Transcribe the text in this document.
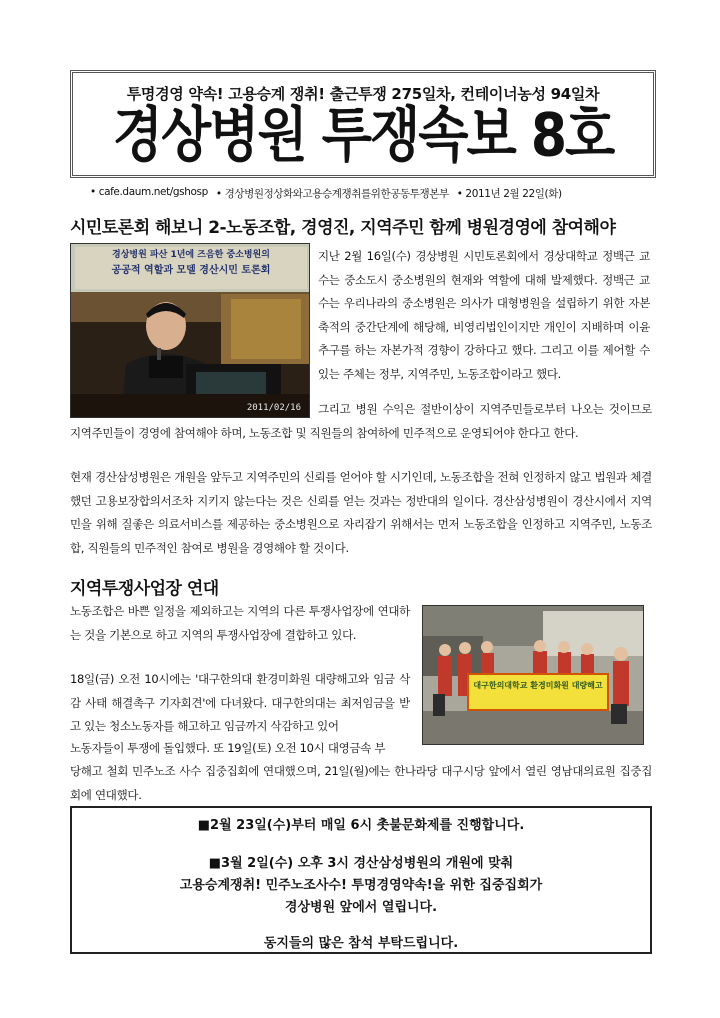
투명경영 약속! 고용승계 쟁취! 출근투쟁 275일차, 컨테이너농성 94일차
경상병원 투쟁속보 8호
• cafe.daum.net/gshosp • 경상병원정상화와고용승계쟁취를위한공동투쟁본부 • 2011년 2월 22일(화)
시민토론회 해보니 2-노동조합, 경영진, 지역주민 함께 병원경영에 참여해야
경상병원 파산 1년에 즈음한 중소병원의
공공적 역할과 모델 경산시민 토론회
2011/02/16
지난 2월 16일(수) 경상병원 시민토론회에서 경상대학교 정백근 교수는 중소도시 중소병원의 현재와 역할에 대해 발제했다. 정백근 교수는 우리나라의 중소병원은 의사가 대형병원을 설립하기 위한 자본 축적의 중간단계에 해당해, 비영리법인이지만 개인이 지배하며 이윤추구를 하는 자본가적 경향이 강하다고 했다. 그리고 이를 제어할 수 있는 주체는 정부, 지역주민, 노동조합이라고 했다.
그리고 병원 수익은 절반이상이 지역주민들로부터 나오는 것이므로 지역주민들이 경영에 참여해야 하며, 노동조합 및 직원들의 참여하에 민주적으로 운영되어야 한다고 한다.
현재 경산삼성병원은 개원을 앞두고 지역주민의 신뢰를 얻어야 할 시기인데, 노동조합을 전혀 인정하지 않고 법원과 체결했던 고용보장합의서조차 지키지 않는다는 것은 신뢰를 얻는 것과는 정반대의 일이다. 경산삼성병원이 경산시에서 지역민을 위해 질좋은 의료서비스를 제공하는 중소병원으로 자리잡기 위해서는 먼저 노동조합을 인정하고 지역주민, 노동조합, 직원들의 민주적인 참여로 병원을 경영해야 할 것이다.
지역투쟁사업장 연대
노동조합은 바쁜 일정을 제외하고는 지역의 다른 투쟁사업장에 연대하는 것을 기본으로 하고 지역의 투쟁사업장에 결합하고 있다.
18일(금) 오전 10시에는 '대구한의대 환경미화원 대량해고와 임금 삭감 사태 해결촉구 기자회견'에 다녀왔다. 대구한의대는 최저임금을 받고 있는 청소노동자를 해고하고 임금까지 삭감하고 있어
노동자들이 투쟁에 돌입했다. 또 19일(토) 오전 10시 대영금속 부
대구한의대학교 환경미화원 대량해고
당해고 철회 민주노조 사수 집중집회에 연대했으며, 21일(월)에는 한나라당 대구시당 앞에서 열린 영남대의료원 집중집회에 연대했다.
■2월 23일(수)부터 매일 6시 촛불문화제를 진행합니다.
■3월 2일(수) 오후 3시 경산삼성병원의 개원에 맞춰
고용승계쟁취! 민주노조사수! 투명경영약속!을 위한 집중집회가
경상병원 앞에서 열립니다.
동지들의 많은 참석 부탁드립니다.
